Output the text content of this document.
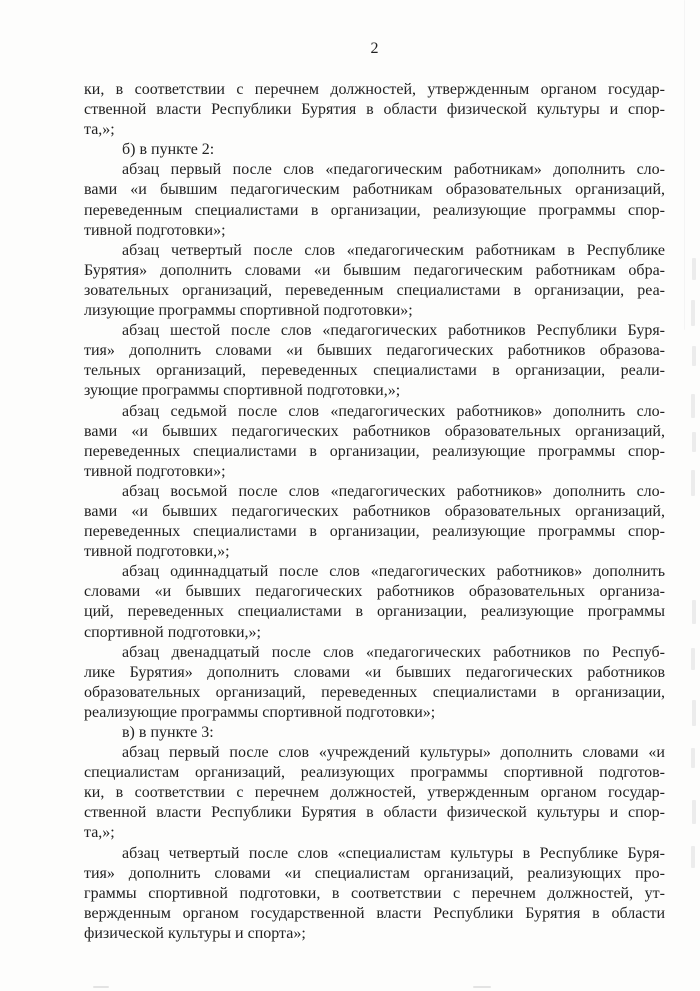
2
ки, в соответствии с перечнем должностей, утвержденным органом государ-
ственной власти Республики Бурятия в области физической культуры и спор-
та,»;
б) в пункте 2:
абзац первый после слов «педагогическим работникам» дополнить сло-
вами «и бывшим педагогическим работникам образовательных организаций,
переведенным специалистами в организации, реализующие программы спор-
тивной подготовки»;
абзац четвертый после слов «педагогическим работникам в Республике
Бурятия» дополнить словами «и бывшим педагогическим работникам обра-
зовательных организаций, переведенным специалистами в организации, реа-
лизующие программы спортивной подготовки»;
абзац шестой после слов «педагогических работников Республики Буря-
тия» дополнить словами «и бывших педагогических работников образова-
тельных организаций, переведенных специалистами в организации, реали-
зующие программы спортивной подготовки,»;
абзац седьмой после слов «педагогических работников» дополнить сло-
вами «и бывших педагогических работников образовательных организаций,
переведенных специалистами в организации, реализующие программы спор-
тивной подготовки»;
абзац восьмой после слов «педагогических работников» дополнить сло-
вами «и бывших педагогических работников образовательных организаций,
переведенных специалистами в организации, реализующие программы спор-
тивной подготовки,»;
абзац одиннадцатый после слов «педагогических работников» дополнить
словами «и бывших педагогических работников образовательных организа-
ций, переведенных специалистами в организации, реализующие программы
спортивной подготовки,»;
абзац двенадцатый после слов «педагогических работников по Респуб-
лике Бурятия» дополнить словами «и бывших педагогических работников
образовательных организаций, переведенных специалистами в организации,
реализующие программы спортивной подготовки»;
в) в пункте 3:
абзац первый после слов «учреждений культуры» дополнить словами «и
специалистам организаций, реализующих программы спортивной подготов-
ки, в соответствии с перечнем должностей, утвержденным органом государ-
ственной власти Республики Бурятия в области физической культуры и спор-
та,»;
абзац четвертый после слов «специалистам культуры в Республике Буря-
тия» дополнить словами «и специалистам организаций, реализующих про-
граммы спортивной подготовки, в соответствии с перечнем должностей, ут-
вержденным органом государственной власти Республики Бурятия в области
физической культуры и спорта»;
